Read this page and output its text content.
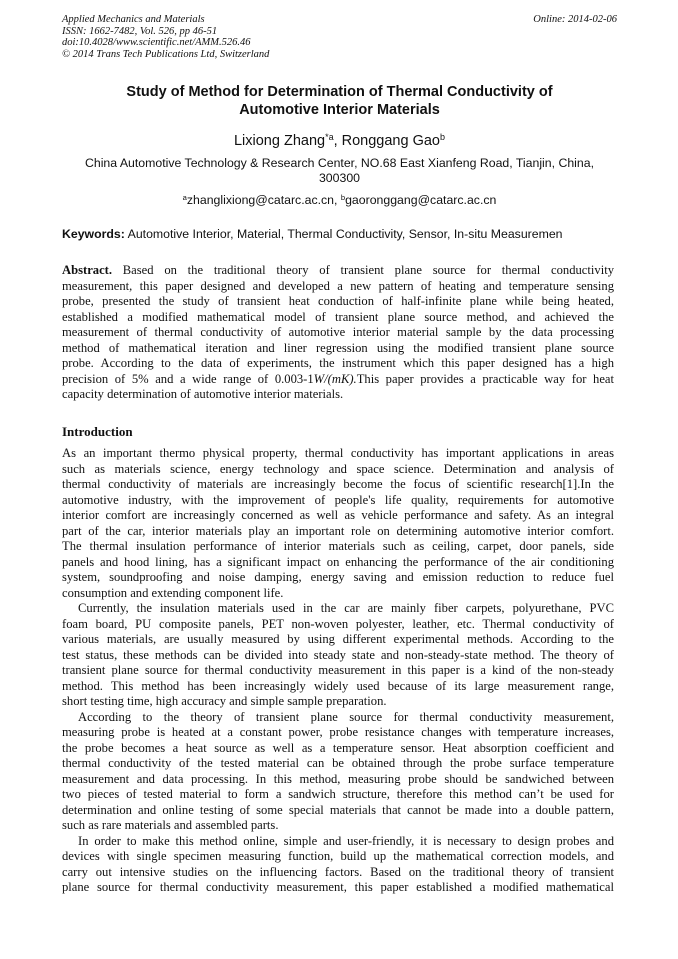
Applied Mechanics and Materials	Online: 2014-02-06
ISSN: 1662-7482, Vol. 526, pp 46-51
doi:10.4028/www.scientific.net/AMM.526.46
© 2014 Trans Tech Publications Ltd, Switzerland
Study of Method for Determination of Thermal Conductivity of
Automotive Interior Materials
Lixiong Zhang$^{*a}$, Ronggang Gao$^b$
China Automotive Technology & Research Center, NO.68 East Xianfeng Road, Tianjin, China,
300300
$^a$zhanglixiong@catarc.ac.cn, $^b$gaoronggang@catarc.ac.cn
Keywords: Automotive Interior, Material, Thermal Conductivity, Sensor, In-situ Measuremen
Abstract. Based on the traditional theory of transient plane source for thermal conductivity
measurement, this paper designed and developed a new pattern of heating and temperature sensing
probe, presented the study of transient heat conduction of half-infinite plane while being heated,
established a modified mathematical model of transient plane source method, and achieved the
measurement of thermal conductivity of automotive interior material sample by the data processing
method of mathematical iteration and liner regression using the modified transient plane source
probe. According to the data of experiments, the instrument which this paper designed has a high
precision of 5% and a wide range of 0.003-1W/(mK).This paper provides a practicable way for heat
capacity determination of automotive interior materials.
Introduction
As an important thermo physical property, thermal conductivity has important applications in areas
such as materials science, energy technology and space science. Determination and analysis of
thermal conductivity of materials are increasingly become the focus of scientific research[1].In the
automotive industry, with the improvement of people's life quality, requirements for automotive
interior comfort are increasingly concerned as well as vehicle performance and safety. As an integral
part of the car, interior materials play an important role on determining automotive interior comfort.
The thermal insulation performance of interior materials such as ceiling, carpet, door panels, side
panels and hood lining, has a significant impact on enhancing the performance of the air conditioning
system, soundproofing and noise damping, energy saving and emission reduction to reduce fuel
consumption and extending component life.
Currently, the insulation materials used in the car are mainly fiber carpets, polyurethane, PVC
foam board, PU composite panels, PET non-woven polyester, leather, etc. Thermal conductivity of
various materials, are usually measured by using different experimental methods. According to the
test status, these methods can be divided into steady state and non-steady-state method. The theory of
transient plane source for thermal conductivity measurement in this paper is a kind of the non-steady
method. This method has been increasingly widely used because of its large measurement range,
short testing time, high accuracy and simple sample preparation.
According to the theory of transient plane source for thermal conductivity measurement,
measuring probe is heated at a constant power, probe resistance changes with temperature increases,
the probe becomes a heat source as well as a temperature sensor. Heat absorption coefficient and
thermal conductivity of the tested material can be obtained through the probe surface temperature
measurement and data processing. In this method, measuring probe should be sandwiched between
two pieces of tested material to form a sandwich structure, therefore this method can’t be used for
determination and online testing of some special materials that cannot be made into a double pattern,
such as rare materials and assembled parts.
In order to make this method online, simple and user-friendly, it is necessary to design probes and
devices with single specimen measuring function, build up the mathematical correction models, and
carry out intensive studies on the influencing factors. Based on the traditional theory of transient
plane source for thermal conductivity measurement, this paper established a modified mathematical
